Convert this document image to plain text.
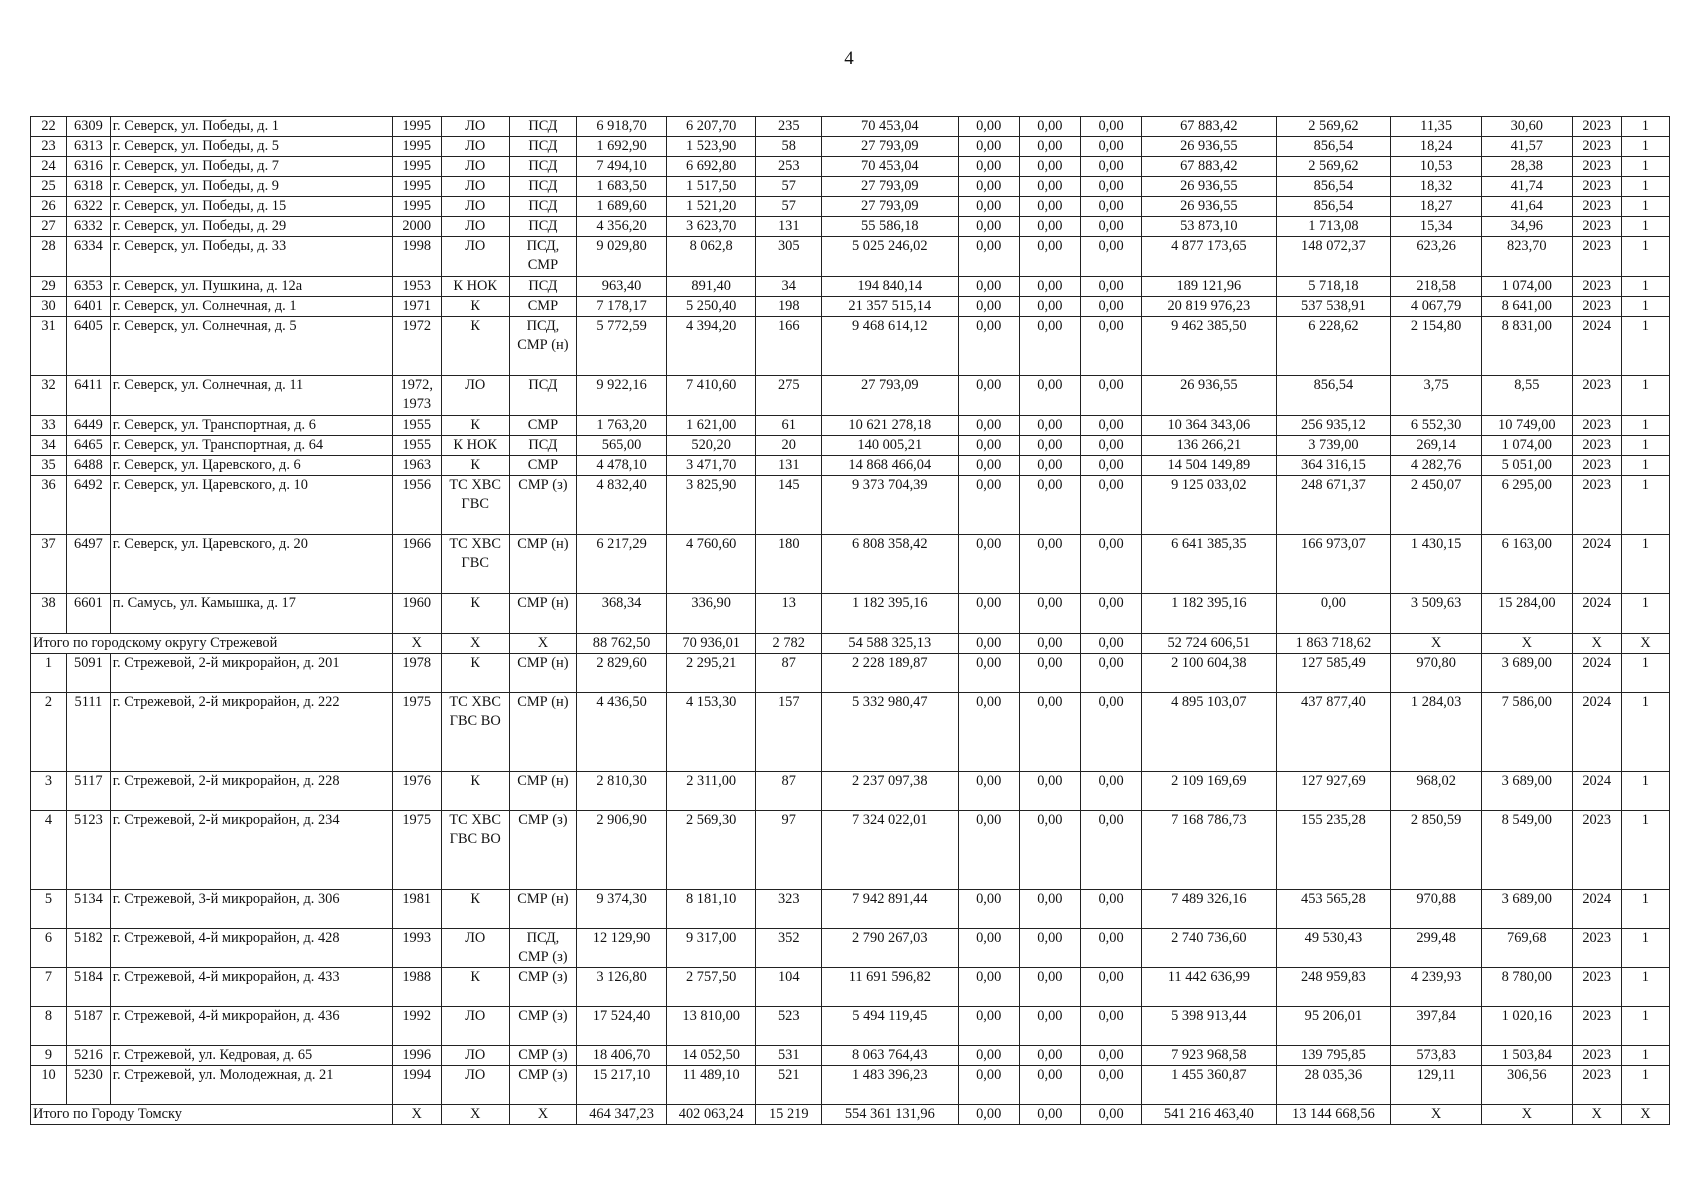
4
22	6309	г. Северск, ул. Победы, д. 1	1995	ЛО	ПСД	6 918,70	6 207,70	235	70 453,04	0,00	0,00	0,00	67 883,42	2 569,62	11,35	30,60	2023	1
23	6313	г. Северск, ул. Победы, д. 5	1995	ЛО	ПСД	1 692,90	1 523,90	58	27 793,09	0,00	0,00	0,00	26 936,55	856,54	18,24	41,57	2023	1
24	6316	г. Северск, ул. Победы, д. 7	1995	ЛО	ПСД	7 494,10	6 692,80	253	70 453,04	0,00	0,00	0,00	67 883,42	2 569,62	10,53	28,38	2023	1
25	6318	г. Северск, ул. Победы, д. 9	1995	ЛО	ПСД	1 683,50	1 517,50	57	27 793,09	0,00	0,00	0,00	26 936,55	856,54	18,32	41,74	2023	1
26	6322	г. Северск, ул. Победы, д. 15	1995	ЛО	ПСД	1 689,60	1 521,20	57	27 793,09	0,00	0,00	0,00	26 936,55	856,54	18,27	41,64	2023	1
27	6332	г. Северск, ул. Победы, д. 29	2000	ЛО	ПСД	4 356,20	3 623,70	131	55 586,18	0,00	0,00	0,00	53 873,10	1 713,08	15,34	34,96	2023	1
28	6334	г. Северск, ул. Победы, д. 33	1998	ЛО	ПСД, СМР	9 029,80	8 062,8	305	5 025 246,02	0,00	0,00	0,00	4 877 173,65	148 072,37	623,26	823,70	2023	1
29	6353	г. Северск, ул. Пушкина, д. 12а	1953	К НОК	ПСД	963,40	891,40	34	194 840,14	0,00	0,00	0,00	189 121,96	5 718,18	218,58	1 074,00	2023	1
30	6401	г. Северск, ул. Солнечная, д. 1	1971	К	СМР	7 178,17	5 250,40	198	21 357 515,14	0,00	0,00	0,00	20 819 976,23	537 538,91	4 067,79	8 641,00	2023	1
31	6405	г. Северск, ул. Солнечная, д. 5	1972	К	ПСД, СМР (н)	5 772,59	4 394,20	166	9 468 614,12	0,00	0,00	0,00	9 462 385,50	6 228,62	2 154,80	8 831,00	2024	1
32	6411	г. Северск, ул. Солнечная, д. 11	1972, 1973	ЛО	ПСД	9 922,16	7 410,60	275	27 793,09	0,00	0,00	0,00	26 936,55	856,54	3,75	8,55	2023	1
33	6449	г. Северск, ул. Транспортная, д. 6	1955	К	СМР	1 763,20	1 621,00	61	10 621 278,18	0,00	0,00	0,00	10 364 343,06	256 935,12	6 552,30	10 749,00	2023	1
34	6465	г. Северск, ул. Транспортная, д. 64	1955	К НОК	ПСД	565,00	520,20	20	140 005,21	0,00	0,00	0,00	136 266,21	3 739,00	269,14	1 074,00	2023	1
35	6488	г. Северск, ул. Царевского, д. 6	1963	К	СМР	4 478,10	3 471,70	131	14 868 466,04	0,00	0,00	0,00	14 504 149,89	364 316,15	4 282,76	5 051,00	2023	1
36	6492	г. Северск, ул. Царевского, д. 10	1956	ТС ХВС ГВС	СМР (з)	4 832,40	3 825,90	145	9 373 704,39	0,00	0,00	0,00	9 125 033,02	248 671,37	2 450,07	6 295,00	2023	1
37	6497	г. Северск, ул. Царевского, д. 20	1966	ТС ХВС ГВС	СМР (н)	6 217,29	4 760,60	180	6 808 358,42	0,00	0,00	0,00	6 641 385,35	166 973,07	1 430,15	6 163,00	2024	1
38	6601	п. Самусь, ул. Камышка, д. 17	1960	К	СМР (н)	368,34	336,90	13	1 182 395,16	0,00	0,00	0,00	1 182 395,16	0,00	3 509,63	15 284,00	2024	1
Итого по городскому округу Стрежевой			Х	Х	Х	88 762,50	70 936,01	2 782	54 588 325,13	0,00	0,00	0,00	52 724 606,51	1 863 718,62	Х	Х	Х	Х
1	5091	г. Стрежевой, 2-й микрорайон, д. 201	1978	К	СМР (н)	2 829,60	2 295,21	87	2 228 189,87	0,00	0,00	0,00	2 100 604,38	127 585,49	970,80	3 689,00	2024	1
2	5111	г. Стрежевой, 2-й микрорайон, д. 222	1975	ТС ХВС ГВС ВО	СМР (н)	4 436,50	4 153,30	157	5 332 980,47	0,00	0,00	0,00	4 895 103,07	437 877,40	1 284,03	7 586,00	2024	1
3	5117	г. Стрежевой, 2-й микрорайон, д. 228	1976	К	СМР (н)	2 810,30	2 311,00	87	2 237 097,38	0,00	0,00	0,00	2 109 169,69	127 927,69	968,02	3 689,00	2024	1
4	5123	г. Стрежевой, 2-й микрорайон, д. 234	1975	ТС ХВС ГВС ВО	СМР (з)	2 906,90	2 569,30	97	7 324 022,01	0,00	0,00	0,00	7 168 786,73	155 235,28	2 850,59	8 549,00	2023	1
5	5134	г. Стрежевой, 3-й микрорайон, д. 306	1981	К	СМР (н)	9 374,30	8 181,10	323	7 942 891,44	0,00	0,00	0,00	7 489 326,16	453 565,28	970,88	3 689,00	2024	1
6	5182	г. Стрежевой, 4-й микрорайон, д. 428	1993	ЛО	ПСД, СМР (з)	12 129,90	9 317,00	352	2 790 267,03	0,00	0,00	0,00	2 740 736,60	49 530,43	299,48	769,68	2023	1
7	5184	г. Стрежевой, 4-й микрорайон, д. 433	1988	К	СМР (з)	3 126,80	2 757,50	104	11 691 596,82	0,00	0,00	0,00	11 442 636,99	248 959,83	4 239,93	8 780,00	2023	1
8	5187	г. Стрежевой, 4-й микрорайон, д. 436	1992	ЛО	СМР (з)	17 524,40	13 810,00	523	5 494 119,45	0,00	0,00	0,00	5 398 913,44	95 206,01	397,84	1 020,16	2023	1
9	5216	г. Стрежевой, ул. Кедровая, д. 65	1996	ЛО	СМР (з)	18 406,70	14 052,50	531	8 063 764,43	0,00	0,00	0,00	7 923 968,58	139 795,85	573,83	1 503,84	2023	1
10	5230	г. Стрежевой, ул. Молодежная, д. 21	1994	ЛО	СМР (з)	15 217,10	11 489,10	521	1 483 396,23	0,00	0,00	0,00	1 455 360,87	28 035,36	129,11	306,56	2023	1
Итого по Городу Томску			Х	Х	Х	464 347,23	402 063,24	15 219	554 361 131,96	0,00	0,00	0,00	541 216 463,40	13 144 668,56	Х	Х	Х	Х
